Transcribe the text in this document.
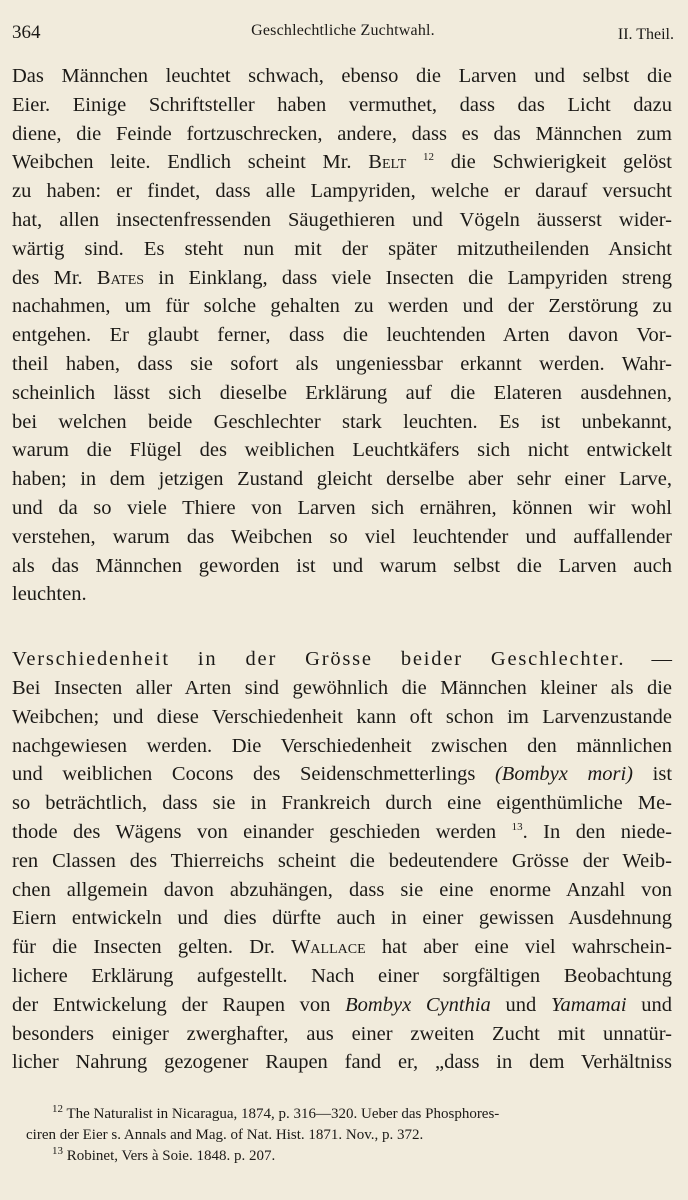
364	Geschlechtliche Zuchtwahl.	II. Theil.

Das Männchen leuchtet schwach, ebenso die Larven und selbst die

Eier. Einige Schriftsteller haben vermuthet, dass das Licht dazu

diene, die Feinde fortzuschrecken, andere, dass es das Männchen zum

Weibchen leite. Endlich scheint Mr. Belt $^{12}$ die Schwierigkeit gelöst

zu haben: er findet, dass alle Lampyriden, welche er darauf versucht

hat, allen insectenfressenden Säugethieren und Vögeln äusserst wider-

wärtig sind. Es steht nun mit der später mitzutheilenden Ansicht

des Mr. Bates in Einklang, dass viele Insecten die Lampyriden streng

nachahmen, um für solche gehalten zu werden und der Zerstörung zu

entgehen. Er glaubt ferner, dass die leuchtenden Arten davon Vor-

theil haben, dass sie sofort als ungeniessbar erkannt werden. Wahr-

scheinlich lässt sich dieselbe Erklärung auf die Elateren ausdehnen,

bei welchen beide Geschlechter stark leuchten. Es ist unbekannt,

warum die Flügel des weiblichen Leuchtkäfers sich nicht entwickelt

haben; in dem jetzigen Zustand gleicht derselbe aber sehr einer Larve,

und da so viele Thiere von Larven sich ernähren, können wir wohl

verstehen, warum das Weibchen so viel leuchtender und auffallender

als das Männchen geworden ist und warum selbst die Larven auch

leuchten.

Verschiedenheit in der Grösse beider Geschlechter. —

Bei Insecten aller Arten sind gewöhnlich die Männchen kleiner als die

Weibchen; und diese Verschiedenheit kann oft schon im Larvenzustande

nachgewiesen werden. Die Verschiedenheit zwischen den männlichen

und weiblichen Cocons des Seidenschmetterlings (Bombyx mori) ist

so beträchtlich, dass sie in Frankreich durch eine eigenthümliche Me-

thode des Wägens von einander geschieden werden $^{13}$. In den niede-

ren Classen des Thierreichs scheint die bedeutendere Grösse der Weib-

chen allgemein davon abzuhängen, dass sie eine enorme Anzahl von

Eiern entwickeln und dies dürfte auch in einer gewissen Ausdehnung

für die Insecten gelten. Dr. Wallace hat aber eine viel wahrschein-

lichere Erklärung aufgestellt. Nach einer sorgfältigen Beobachtung

der Entwickelung der Raupen von Bombyx Cynthia und Yamamai und

besonders einiger zwerghafter, aus einer zweiten Zucht mit unnatür-

licher Nahrung gezogener Raupen fand er, „dass in dem Verhältniss

$^{12}$ The Naturalist in Nicaragua, 1874, p. 316—320. Ueber das Phosphores-

ciren der Eier s. Annals and Mag. of Nat. Hist. 1871. Nov., p. 372.

$^{13}$ Robinet, Vers à Soie. 1848. p. 207.
